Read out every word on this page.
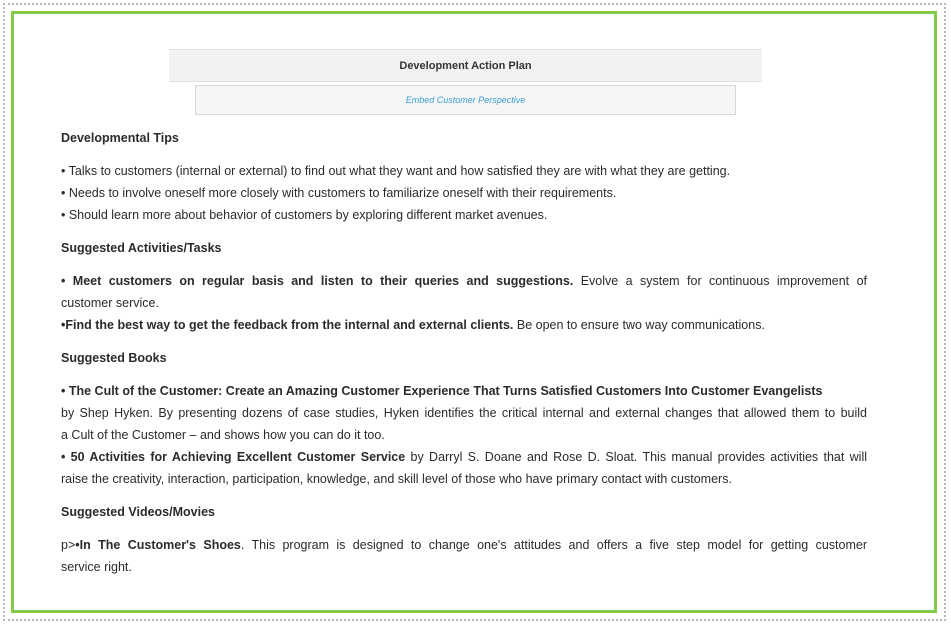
Development Action Plan
Embed Customer Perspective
Developmental Tips

• Talks to customers (internal or external) to find out what they want and how satisfied they are with what they are getting.

• Needs to involve oneself more closely with customers to familiarize oneself with their requirements.

• Should learn more about behavior of customers by exploring different market avenues.

Suggested Activities/Tasks

• Meet customers on regular basis and listen to their queries and suggestions. Evolve a system for continuous improvement of

customer service.

•Find the best way to get the feedback from the internal and external clients. Be open to ensure two way communications.

Suggested Books

• The Cult of the Customer: Create an Amazing Customer Experience That Turns Satisfied Customers Into Customer Evangelists

by Shep Hyken. By presenting dozens of case studies, Hyken identifies the critical internal and external changes that allowed them to build

a Cult of the Customer – and shows how you can do it too.

• 50 Activities for Achieving Excellent Customer Service by Darryl S. Doane and Rose D. Sloat. This manual provides activities that will

raise the creativity, interaction, participation, knowledge, and skill level of those who have primary contact with customers.

Suggested Videos/Movies

p>•In The Customer's Shoes. This program is designed to change one's attitudes and offers a five step model for getting customer

service right.
